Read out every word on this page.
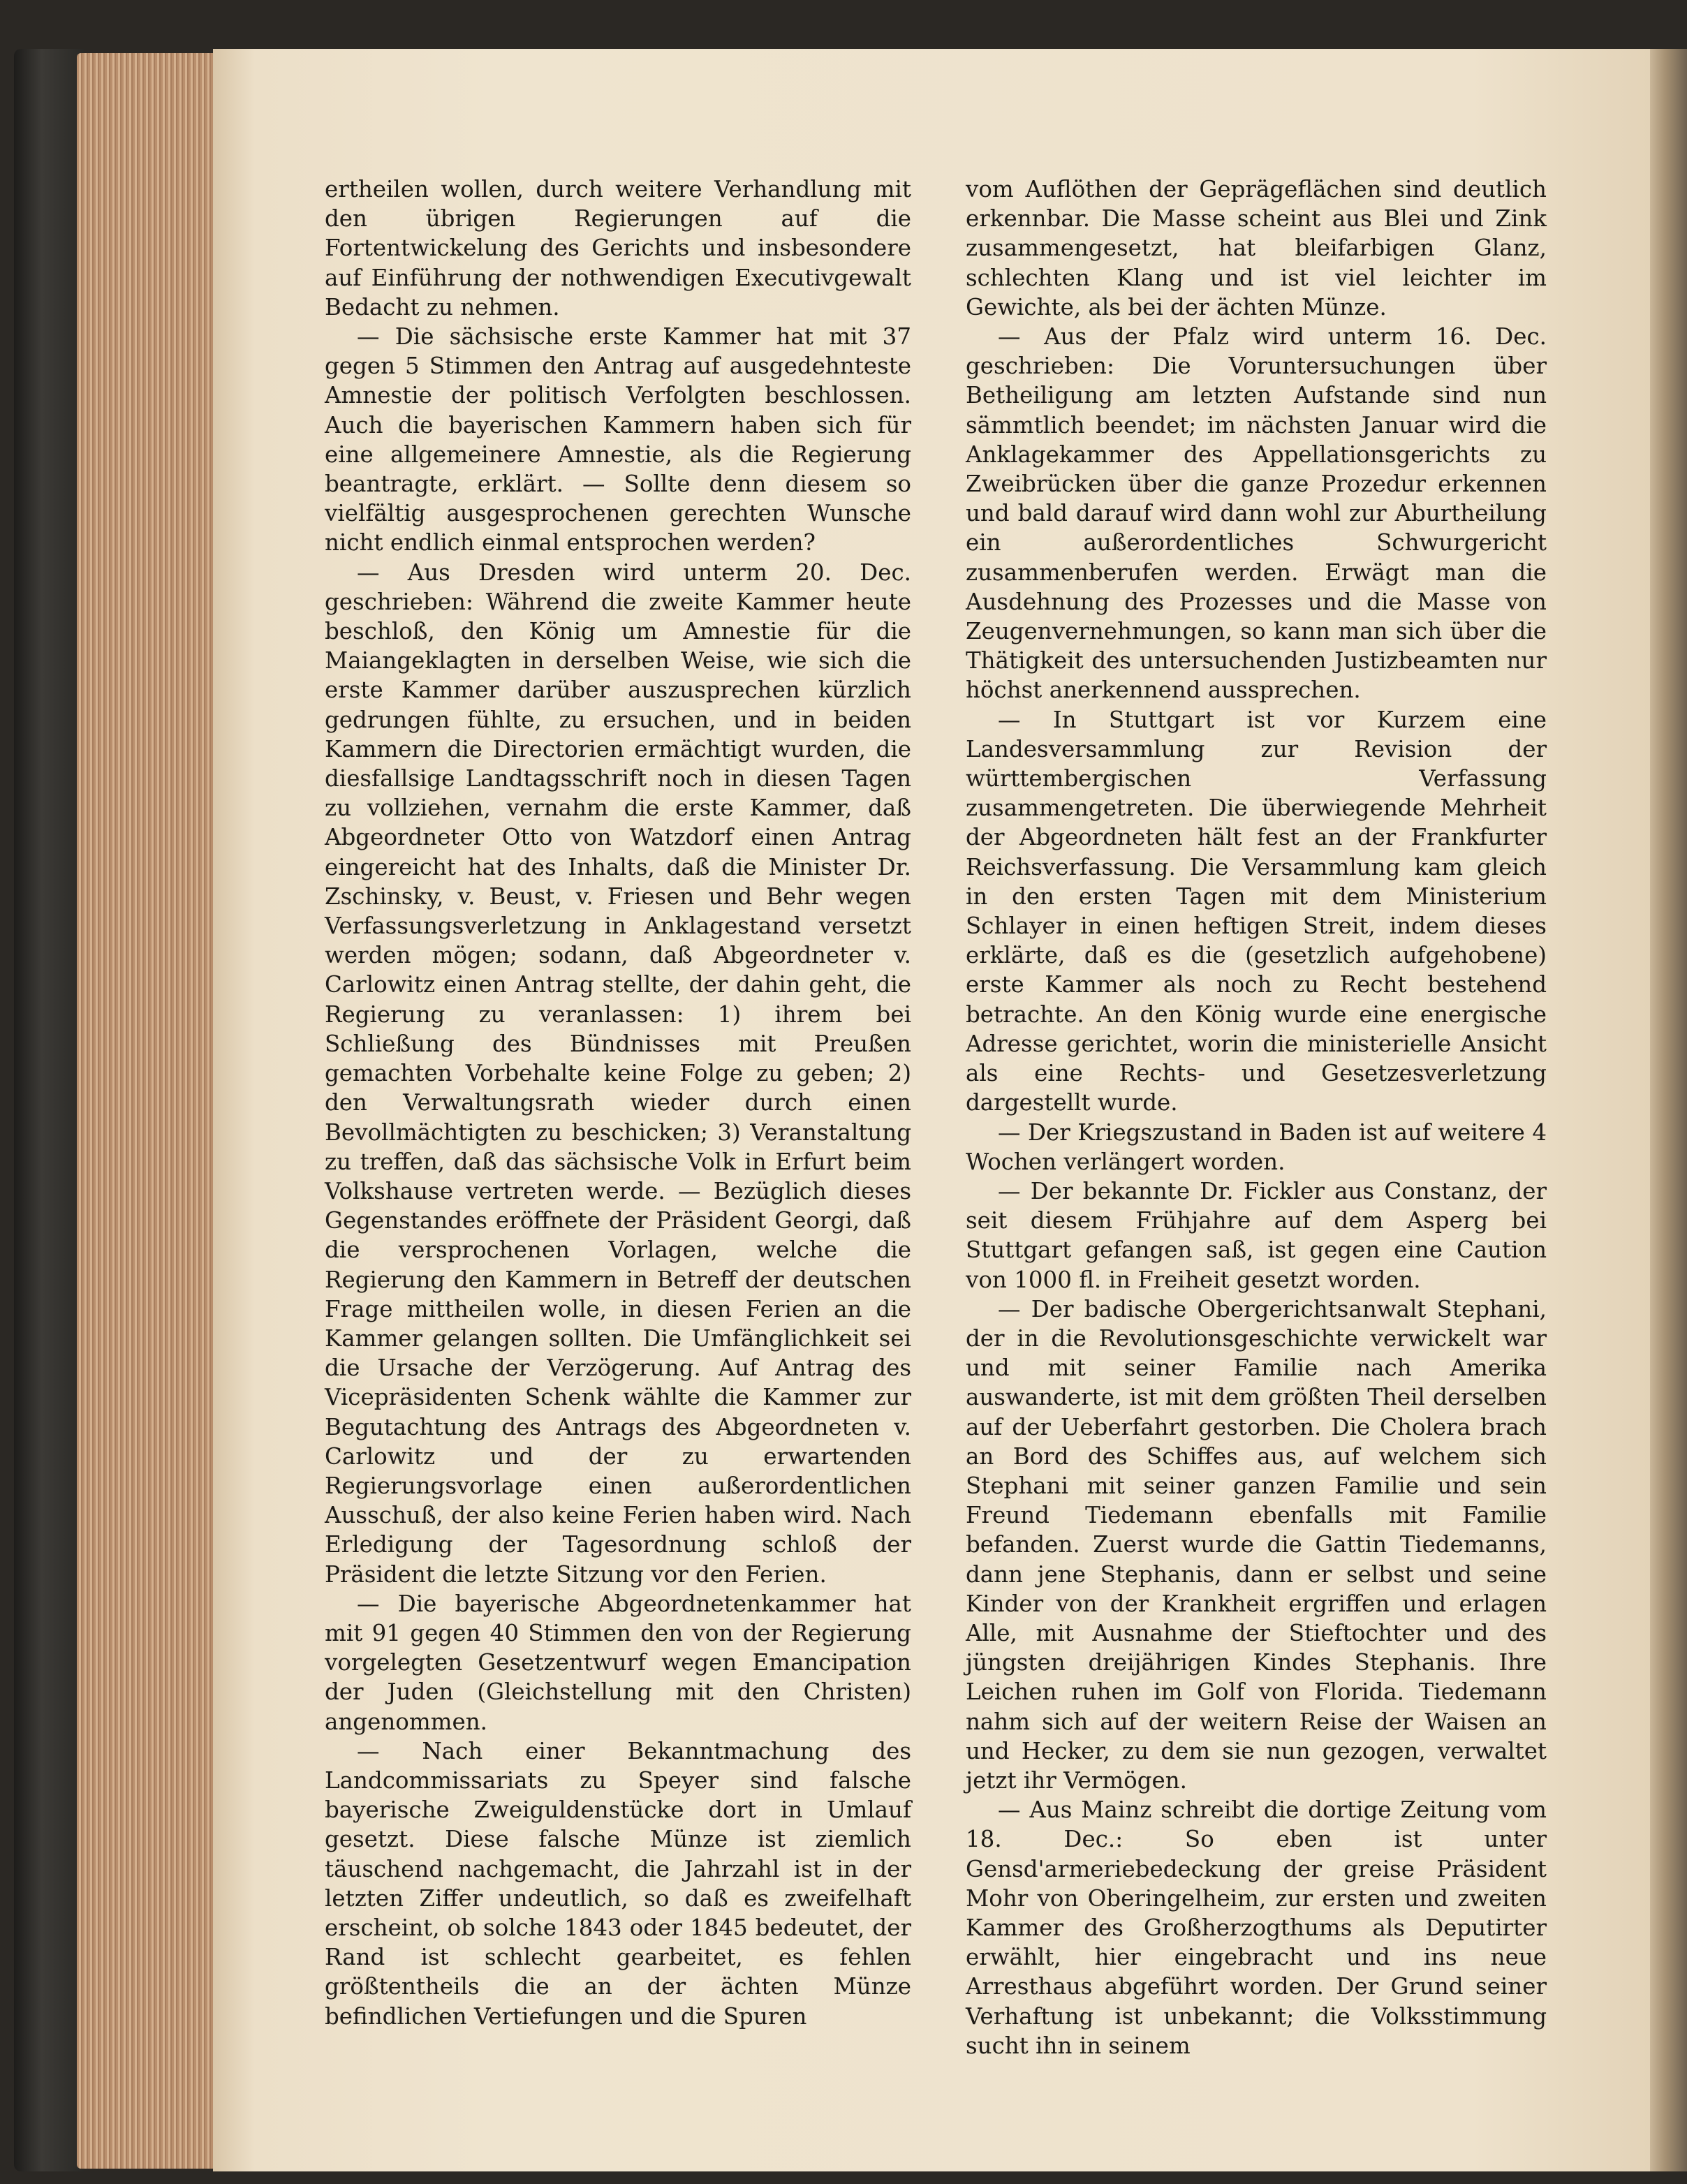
ertheilen wollen, durch weitere Verhandlung mit den übrigen Regierungen auf die Fortentwickelung des Gerichts und insbesondere auf Einführung der nothwendigen Executivgewalt Bedacht zu nehmen.

— Die sächsische erste Kammer hat mit 37 gegen 5 Stimmen den Antrag auf ausgedehnteste Amnestie der politisch Verfolgten beschlossen. Auch die bayerischen Kammern haben sich für eine allgemeinere Amnestie, als die Regierung beantragte, erklärt. — Sollte denn diesem so vielfältig ausgesprochenen gerechten Wunsche nicht endlich einmal entsprochen werden?

— Aus Dresden wird unterm 20. Dec. geschrieben: Während die zweite Kammer heute beschloß, den König um Amnestie für die Maiangeklagten in derselben Weise, wie sich die erste Kammer darüber auszusprechen kürzlich gedrungen fühlte, zu ersuchen, und in beiden Kammern die Directorien ermächtigt wurden, die diesfallsige Landtagsschrift noch in diesen Tagen zu vollziehen, vernahm die erste Kammer, daß Abgeordneter Otto von Watzdorf einen Antrag eingereicht hat des Inhalts, daß die Minister Dr. Zschinsky, v. Beust, v. Friesen und Behr wegen Verfassungsverletzung in Anklagestand versetzt werden mögen; sodann, daß Abgeordneter v. Carlowitz einen Antrag stellte, der dahin geht, die Regierung zu veranlassen: 1) ihrem bei Schließung des Bündnisses mit Preußen gemachten Vorbehalte keine Folge zu geben; 2) den Verwaltungsrath wieder durch einen Bevollmächtigten zu beschicken; 3) Veranstaltung zu treffen, daß das sächsische Volk in Erfurt beim Volkshause vertreten werde. — Bezüglich dieses Gegenstandes eröffnete der Präsident Georgi, daß die versprochenen Vorlagen, welche die Regierung den Kammern in Betreff der deutschen Frage mittheilen wolle, in diesen Ferien an die Kammer gelangen sollten. Die Umfänglichkeit sei die Ursache der Verzögerung. Auf Antrag des Vicepräsidenten Schenk wählte die Kammer zur Begutachtung des Antrags des Abgeordneten v. Carlowitz und der zu erwartenden Regierungsvorlage einen außerordentlichen Ausschuß, der also keine Ferien haben wird. Nach Erledigung der Tagesordnung schloß der Präsident die letzte Sitzung vor den Ferien.

— Die bayerische Abgeordnetenkammer hat mit 91 gegen 40 Stimmen den von der Regierung vorgelegten Gesetzentwurf wegen Emancipation der Juden (Gleichstellung mit den Christen) angenommen.

— Nach einer Bekanntmachung des Landcommissariats zu Speyer sind falsche bayerische Zweiguldenstücke dort in Umlauf gesetzt. Diese falsche Münze ist ziemlich täuschend nachgemacht, die Jahrzahl ist in der letzten Ziffer undeutlich, so daß es zweifelhaft erscheint, ob solche 1843 oder 1845 bedeutet, der Rand ist schlecht gearbeitet, es fehlen größtentheils die an der ächten Münze befindlichen Vertiefungen und die Spuren

vom Auflöthen der Geprägeflächen sind deutlich erkennbar. Die Masse scheint aus Blei und Zink zusammengesetzt, hat bleifarbigen Glanz, schlechten Klang und ist viel leichter im Gewichte, als bei der ächten Münze.

— Aus der Pfalz wird unterm 16. Dec. geschrieben: Die Voruntersuchungen über Betheiligung am letzten Aufstande sind nun sämmtlich beendet; im nächsten Januar wird die Anklagekammer des Appellationsgerichts zu Zweibrücken über die ganze Prozedur erkennen und bald darauf wird dann wohl zur Aburtheilung ein außerordentliches Schwurgericht zusammenberufen werden. Erwägt man die Ausdehnung des Prozesses und die Masse von Zeugenvernehmungen, so kann man sich über die Thätigkeit des untersuchenden Justizbeamten nur höchst anerkennend aussprechen.

— In Stuttgart ist vor Kurzem eine Landesversammlung zur Revision der württembergischen Verfassung zusammengetreten. Die überwiegende Mehrheit der Abgeordneten hält fest an der Frankfurter Reichsverfassung. Die Versammlung kam gleich in den ersten Tagen mit dem Ministerium Schlayer in einen heftigen Streit, indem dieses erklärte, daß es die (gesetzlich aufgehobene) erste Kammer als noch zu Recht bestehend betrachte. An den König wurde eine energische Adresse gerichtet, worin die ministerielle Ansicht als eine Rechts- und Gesetzesverletzung dargestellt wurde.

— Der Kriegszustand in Baden ist auf weitere 4 Wochen verlängert worden.

— Der bekannte Dr. Fickler aus Constanz, der seit diesem Frühjahre auf dem Asperg bei Stuttgart gefangen saß, ist gegen eine Caution von 1000 fl. in Freiheit gesetzt worden.

— Der badische Obergerichtsanwalt Stephani, der in die Revolutionsgeschichte verwickelt war und mit seiner Familie nach Amerika auswanderte, ist mit dem größten Theil derselben auf der Ueberfahrt gestorben. Die Cholera brach an Bord des Schiffes aus, auf welchem sich Stephani mit seiner ganzen Familie und sein Freund Tiedemann ebenfalls mit Familie befanden. Zuerst wurde die Gattin Tiedemanns, dann jene Stephanis, dann er selbst und seine Kinder von der Krankheit ergriffen und erlagen Alle, mit Ausnahme der Stieftochter und des jüngsten dreijährigen Kindes Stephanis. Ihre Leichen ruhen im Golf von Florida. Tiedemann nahm sich auf der weitern Reise der Waisen an und Hecker, zu dem sie nun gezogen, verwaltet jetzt ihr Vermögen.

— Aus Mainz schreibt die dortige Zeitung vom 18. Dec.: So eben ist unter Gensd'armeriebedeckung der greise Präsident Mohr von Oberingelheim, zur ersten und zweiten Kammer des Großherzogthums als Deputirter erwählt, hier eingebracht und ins neue Arresthaus abgeführt worden. Der Grund seiner Verhaftung ist unbekannt; die Volksstimmung sucht ihn in seinem
